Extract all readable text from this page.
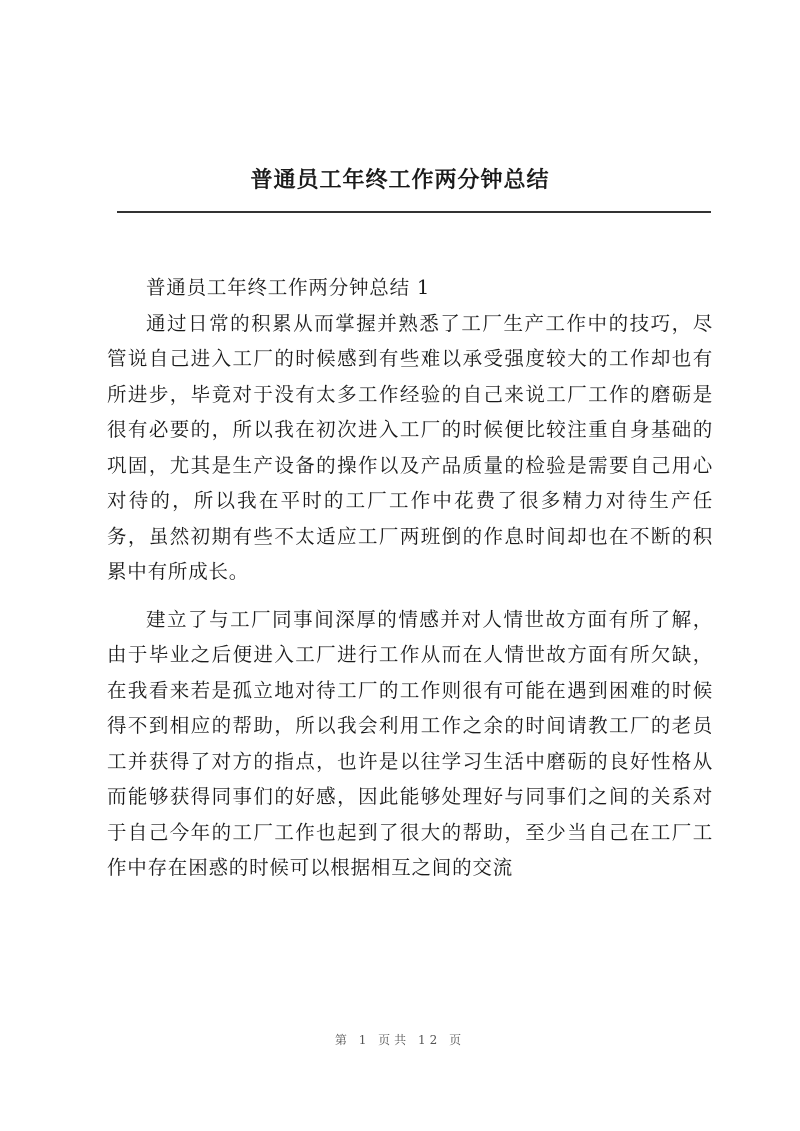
普通员工年终工作两分钟总结

普通员工年终工作两分钟总结 1

通过日常的积累从而掌握并熟悉了工厂生产工作中的技巧，尽管说自己进入工厂的时候感到有些难以承受强度较大的工作却也有所进步，毕竟对于没有太多工作经验的自己来说工厂工作的磨砺是很有必要的，所以我在初次进入工厂的时候便比较注重自身基础的巩固，尤其是生产设备的操作以及产品质量的检验是需要自己用心对待的，所以我在平时的工厂工作中花费了很多精力对待生产任务，虽然初期有些不太适应工厂两班倒的作息时间却也在不断的积累中有所成长。

建立了与工厂同事间深厚的情感并对人情世故方面有所了解，由于毕业之后便进入工厂进行工作从而在人情世故方面有所欠缺，在我看来若是孤立地对待工厂的工作则很有可能在遇到困难的时候得不到相应的帮助，所以我会利用工作之余的时间请教工厂的老员工并获得了对方的指点，也许是以往学习生活中磨砺的良好性格从而能够获得同事们的好感，因此能够处理好与同事们之间的关系对于自己今年的工厂工作也起到了很大的帮助，至少当自己在工厂工作中存在困惑的时候可以根据相互之间的交流

第 1 页共 12 页
